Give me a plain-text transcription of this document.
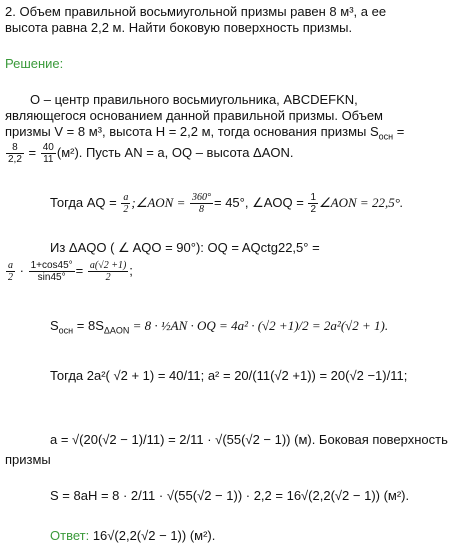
2. Объем правильной восьмиугольной призмы равен 8 м³, а ее
высота равна 2,2 м. Найти боковую поверхность призмы.
Решение:
O – центр правильного восьмиугольника, ABCDEFKN,
являющегося основанием данной правильной призмы. Объем
призмы V = 8 м³, высота H = 2,2 м, тогда основания призмы $S_{осн}$ =
$\frac{8}{2,2} = \frac{40}{11} (м^2)$. Пусть AN = a, OQ – высота ΔAON.
Тогда AQ = $\frac{a}{2}$ ;∠AON = $\frac{360^\circ}{8} = 45^\circ$, ∠AOQ = $\frac{1}{2}$ ∠AON = 22,5°.
Из ΔAQO ( ∠ AQO = 90°): OQ = AQctg22,5° =
$\frac{a}{2} \cdot \frac{1+\cos 45^\circ}{\sin 45^\circ} = \frac{a(√2 +1)}{2}$ ;
$S_{осн} = 8S_{\Delta AON} = 8$ · ½AN · OQ = 4a² · (√2 +1)/2 = 2a²(√2 + 1).
Тогда 2a²( √2 + 1) = 40/11; a² = 20/(11(√2 +1)) = 20(√2 −1)/11;
a = √(20(√2 − 1)/11) = 2/11 · √(55(√2 − 1)) (м). Боковая поверхность
призмы
S = 8aH = 8 · 2/11 · √(55(√2 − 1)) · 2,2 = 16√(2,2(√2 − 1)) (м²).
Ответ: 16√(2,2(√2 − 1)) (м²).
